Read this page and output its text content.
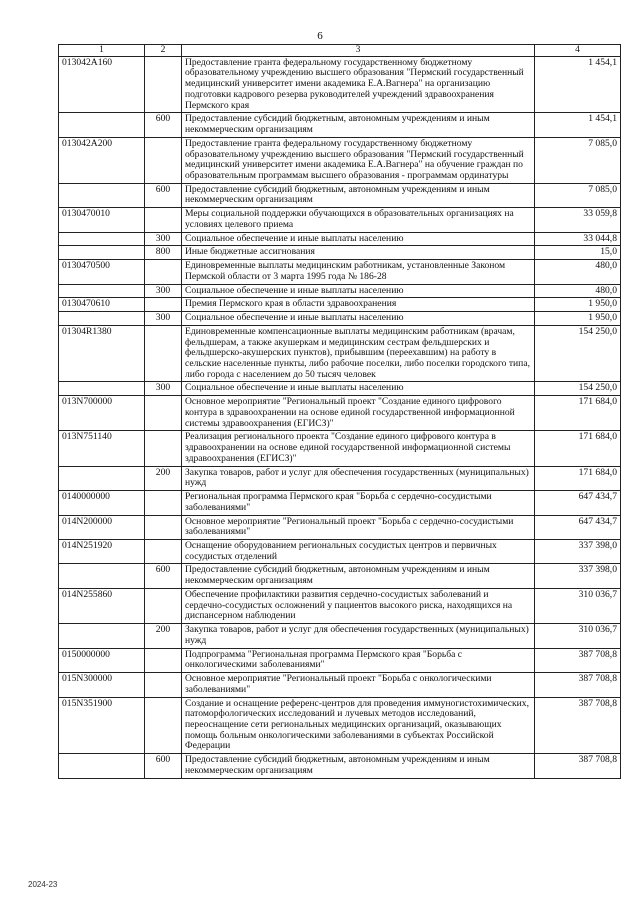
6
1	2	3	4
013042А160		Предоставление гранта федеральному государственному бюджетному образовательному учреждению высшего образования "Пермский государственный медицинский университет имени академика Е.А.Вагнера" на организацию подготовки кадрового резерва руководителей учреждений здравоохранения Пермского края	1 454,1
	600	Предоставление субсидий бюджетным, автономным учреждениям и иным некоммерческим организациям	1 454,1
013042А200		Предоставление гранта федеральному государственному бюджетному образовательному учреждению высшего образования "Пермский государственный медицинский университет имени академика Е.А.Вагнера" на обучение граждан по образовательным программам высшего образования - программам ординатуры	7 085,0
	600	Предоставление субсидий бюджетным, автономным учреждениям и иным некоммерческим организациям	7 085,0
0130470010		Меры социальной поддержки обучающихся в образовательных организациях на условиях целевого приема	33 059,8
	300	Социальное обеспечение и иные выплаты населению	33 044,8
	800	Иные бюджетные ассигнования	15,0
0130470500		Единовременные выплаты медицинским работникам, установленные Законом Пермской области от 3 марта 1995 года № 186-28	480,0
	300	Социальное обеспечение и иные выплаты населению	480,0
0130470610		Премия Пермского края в области здравоохранения	1 950,0
	300	Социальное обеспечение и иные выплаты населению	1 950,0
01304R1380		Единовременные компенсационные выплаты медицинским работникам (врачам, фельдшерам, а также акушеркам и медицинским сестрам фельдшерских и фельдшерско-акушерских пунктов), прибывшим (переехавшим) на работу в сельские населенные пункты, либо рабочие поселки, либо поселки городского типа, либо города с населением до 50 тысяч человек	154 250,0
	300	Социальное обеспечение и иные выплаты населению	154 250,0
013N700000		Основное мероприятие "Региональный проект "Создание единого цифрового контура в здравоохранении на основе единой государственной информационной системы здравоохранения (ЕГИСЗ)"	171 684,0
013N751140		Реализация регионального проекта "Создание единого цифрового контура в здравоохранении на основе единой государственной информационной системы здравоохранения (ЕГИСЗ)"	171 684,0
	200	Закупка товаров, работ и услуг для обеспечения государственных (муниципальных) нужд	171 684,0
0140000000		Региональная программа Пермского края "Борьба с сердечно-сосудистыми заболеваниями"	647 434,7
014N200000		Основное мероприятие "Региональный проект "Борьба с сердечно-сосудистыми заболеваниями"	647 434,7
014N251920		Оснащение оборудованием региональных сосудистых центров и первичных сосудистых отделений	337 398,0
	600	Предоставление субсидий бюджетным, автономным учреждениям и иным некоммерческим организациям	337 398,0
014N255860		Обеспечение профилактики развития сердечно-сосудистых заболеваний и сердечно-сосудистых осложнений у пациентов высокого риска, находящихся на диспансерном наблюдении	310 036,7
	200	Закупка товаров, работ и услуг для обеспечения государственных (муниципальных) нужд	310 036,7
0150000000		Подпрограмма "Региональная программа Пермского края "Борьба с онкологическими заболеваниями"	387 708,8
015N300000		Основное мероприятие "Региональный проект "Борьба с онкологическими заболеваниями"	387 708,8
015N351900		Создание и оснащение референс-центров для проведения иммуногистохимических, патоморфологических исследований и лучевых методов исследований, переоснащение сети региональных медицинских организаций, оказывающих помощь больным онкологическими заболеваниями в субъектах Российской Федерации	387 708,8
	600	Предоставление субсидий бюджетным, автономным учреждениям и иным некоммерческим организациям	387 708,8
2024-23
